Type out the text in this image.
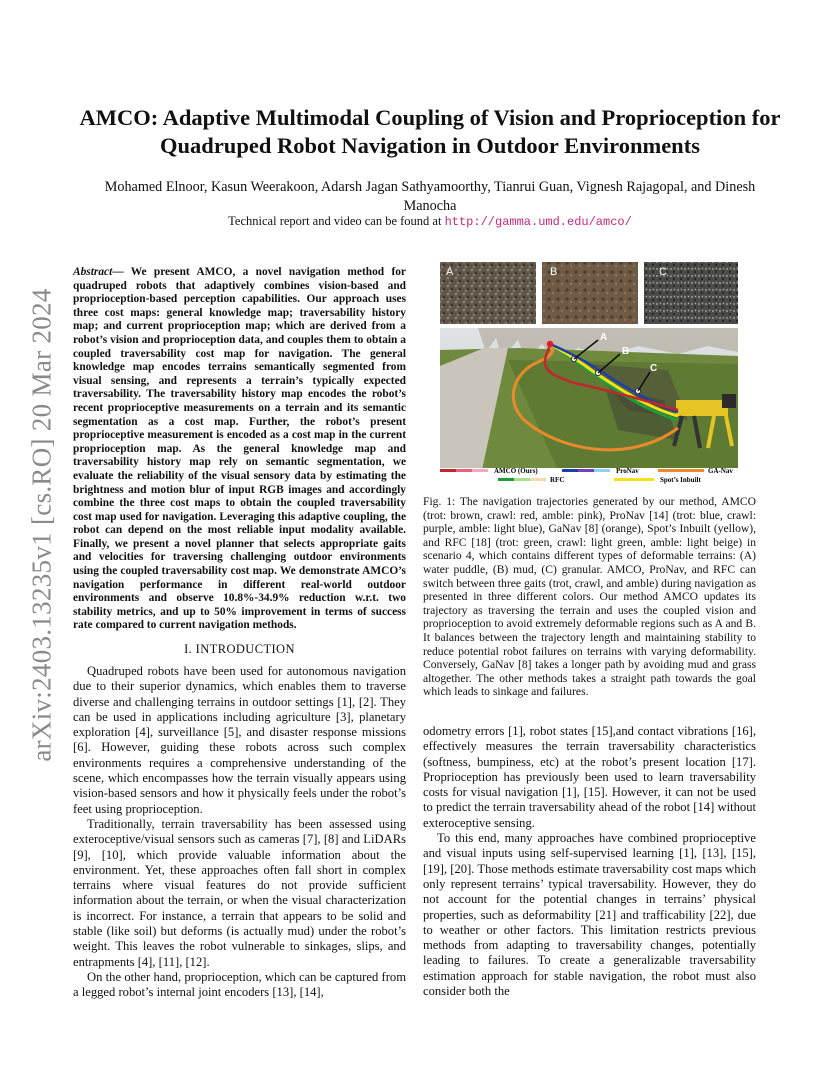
arXiv:2403.13235v1 [cs.RO] 20 Mar 2024
AMCO: Adaptive Multimodal Coupling of Vision and Proprioception for Quadruped Robot Navigation in Outdoor Environments
Mohamed Elnoor, Kasun Weerakoon, Adarsh Jagan Sathyamoorthy, Tianrui Guan, Vignesh Rajagopal, and Dinesh Manocha
Technical report and video can be found at http://gamma.umd.edu/amco/

Abstract— We present AMCO, a novel navigation method for quadruped robots that adaptively combines vision-based and proprioception-based perception capabilities. Our approach uses three cost maps: general knowledge map; traversability history map; and current proprioception map; which are derived from a robot’s vision and proprioception data, and couples them to obtain a coupled traversability cost map for navigation. The general knowledge map encodes terrains semantically segmented from visual sensing, and represents a terrain’s typically expected traversability. The traversability history map encodes the robot’s recent proprioceptive measurements on a terrain and its semantic segmentation as a cost map. Further, the robot’s present proprioceptive measurement is encoded as a cost map in the current proprioception map. As the general knowledge map and traversability history map rely on semantic segmentation, we evaluate the reliability of the visual sensory data by estimating the brightness and motion blur of input RGB images and accordingly combine the three cost maps to obtain the coupled traversability cost map used for navigation. Leveraging this adaptive coupling, the robot can depend on the most reliable input modality available. Finally, we present a novel planner that selects appropriate gaits and velocities for traversing challenging outdoor environments using the coupled traversability cost map. We demonstrate AMCO’s navigation performance in different real-world outdoor environments and observe 10.8%-34.9% reduction w.r.t. two stability metrics, and up to 50% improvement in terms of success rate compared to current navigation methods.

I. INTRODUCTION

Quadruped robots have been used for autonomous navigation due to their superior dynamics, which enables them to traverse diverse and challenging terrains in outdoor settings [1], [2]. They can be used in applications including agriculture [3], planetary exploration [4], surveillance [5], and disaster response missions [6]. However, guiding these robots across such complex environments requires a comprehensive understanding of the scene, which encompasses how the terrain visually appears using vision-based sensors and how it physically feels under the robot’s feet using proprioception.

Traditionally, terrain traversability has been assessed using exteroceptive/visual sensors such as cameras [7], [8] and LiDARs [9], [10], which provide valuable information about the environment. Yet, these approaches often fall short in complex terrains where visual features do not provide sufficient information about the terrain, or when the visual characterization is incorrect. For instance, a terrain that appears to be solid and stable (like soil) but deforms (is actually mud) under the robot’s weight. This leaves the robot vulnerable to sinkages, slips, and entrapments [4], [11], [12].

On the other hand, proprioception, which can be captured from a legged robot’s internal joint encoders [13], [14],

A	B	C
A
B
C
AMCO (Ours)	ProNav	GA-Nav
RFC	Spot’s Inbuilt

Fig. 1: The navigation trajectories generated by our method, AMCO (trot: brown, crawl: red, amble: pink), ProNav [14] (trot: blue, crawl: purple, amble: light blue), GaNav [8] (orange), Spot’s Inbuilt (yellow), and RFC [18] (trot: green, crawl: light green, amble: light beige) in scenario 4, which contains different types of deformable terrains: (A) water puddle, (B) mud, (C) granular. AMCO, ProNav, and RFC can switch between three gaits (trot, crawl, and amble) during navigation as presented in three different colors. Our method AMCO updates its trajectory as traversing the terrain and uses the coupled vision and proprioception to avoid extremely deformable regions such as A and B. It balances between the trajectory length and maintaining stability to reduce potential robot failures on terrains with varying deformability. Conversely, GaNav [8] takes a longer path by avoiding mud and grass altogether. The other methods takes a straight path towards the goal which leads to sinkage and failures.

odometry errors [1], robot states [15],and contact vibrations [16], effectively measures the terrain traversability characteristics (softness, bumpiness, etc) at the robot’s present location [17]. Proprioception has previously been used to learn traversability costs for visual navigation [1], [15]. However, it can not be used to predict the terrain traversability ahead of the robot [14] without exteroceptive sensing.

To this end, many approaches have combined proprioceptive and visual inputs using self-supervised learning [1], [13], [15], [19], [20]. Those methods estimate traversability cost maps which only represent terrains’ typical traversability. However, they do not account for the potential changes in terrains’ physical properties, such as deformability [21] and trafficability [22], due to weather or other factors. This limitation restricts previous methods from adapting to traversability changes, potentially leading to failures. To create a generalizable traversability estimation approach for stable navigation, the robot must also consider both the
